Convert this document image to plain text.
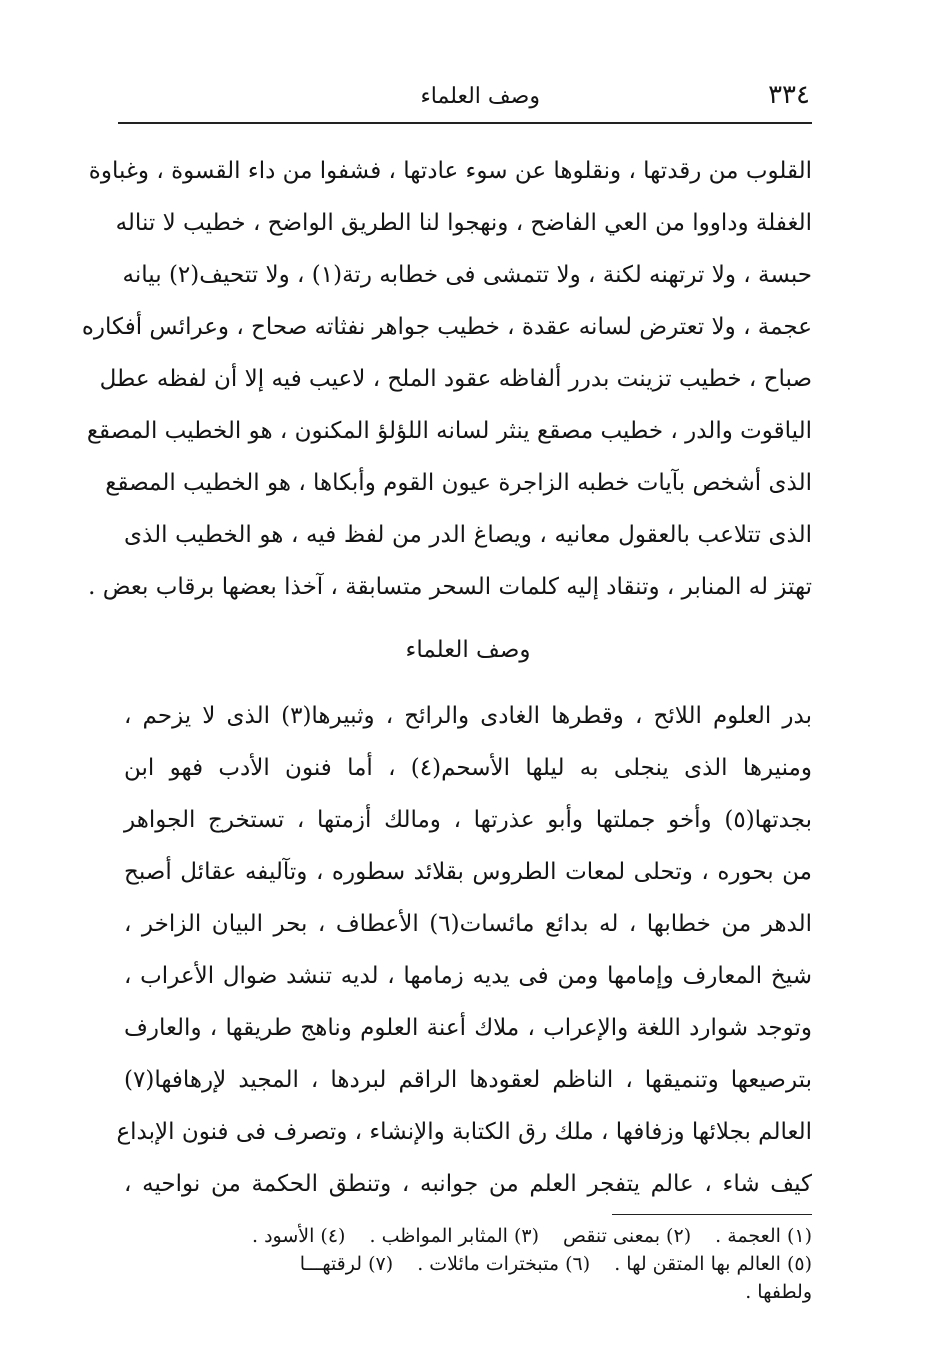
٣٣٤
وصف العلماء
القلوب من رقدتها ، ونقلوها عن سوء عادتها ، فشفوا من داء القسوة ، وغباوة
الغفلة وداووا من العي الفاضح ، ونهجوا لنا الطريق الواضح ، خطيب لا تناله
حبسة ، ولا ترتهنه لكنة ، ولا تتمشى فى خطابه رتة(١) ، ولا تتحيف(٢) بيانه
عجمة ، ولا تعترض لسانه عقدة ، خطيب جواهر نفثاته صحاح ، وعرائس أفكاره
صباح ، خطيب تزينت بدرر ألفاظه عقود الملح ، لاعيب فيه إلا أن لفظه عطل
الياقوت والدر ، خطيب مصقع ينثر لسانه اللؤلؤ المكنون ، هو الخطيب المصقع
الذى أشخص بآيات خطبه الزاجرة عيون القوم وأبكاها ، هو الخطيب المصقع
الذى تتلاعب بالعقول معانيه ، ويصاغ الدر من لفظ فيه ، هو الخطيب الذى
تهتز له المنابر ، وتنقاد إليه كلمات السحر متسابقة ، آخذا بعضها برقاب بعض .
وصف العلماء
بدر العلوم اللائح ، وقطرها الغادى والرائح ، وثبيرها(٣) الذى لا يزحم ،
ومنيرها الذى ينجلى به ليلها الأسحم(٤) ، أما فنون الأدب فهو ابن
بجدتها(٥) وأخو جملتها وأبو عذرتها ، ومالك أزمتها ، تستخرج الجواهر
من بحوره ، وتحلى لمعات الطروس بقلائد سطوره ، وتآليفه عقائل أصبح
الدهر من خطابها ، له بدائع مائسات(٦) الأعطاف ، بحر البيان الزاخر ،
شيخ المعارف وإمامها ومن فى يديه زمامها ، لديه تنشد ضوال الأعراب ،
وتوجد شوارد اللغة والإعراب ، ملاك أعنة العلوم وناهج طريقها ، والعارف
بترصيعها وتنميقها ، الناظم لعقودها الراقم لبردها ، المجيد لإرهافها(٧)
العالم بجلائها وزفافها ، ملك رق الكتابة والإنشاء ، وتصرف فى فنون الإبداع
كيف شاء ، عالم يتفجر العلم من جوانبه ، وتنطق الحكمة من نواحيه ،
(١) العجمة . (٢) بمعنى تنقص (٣) المثابر المواظب . (٤) الأسود .
(٥) العالم بها المتقن لها . (٦) متبخترات مائلات . (٧) لرقتهـــا
ولطفها .
